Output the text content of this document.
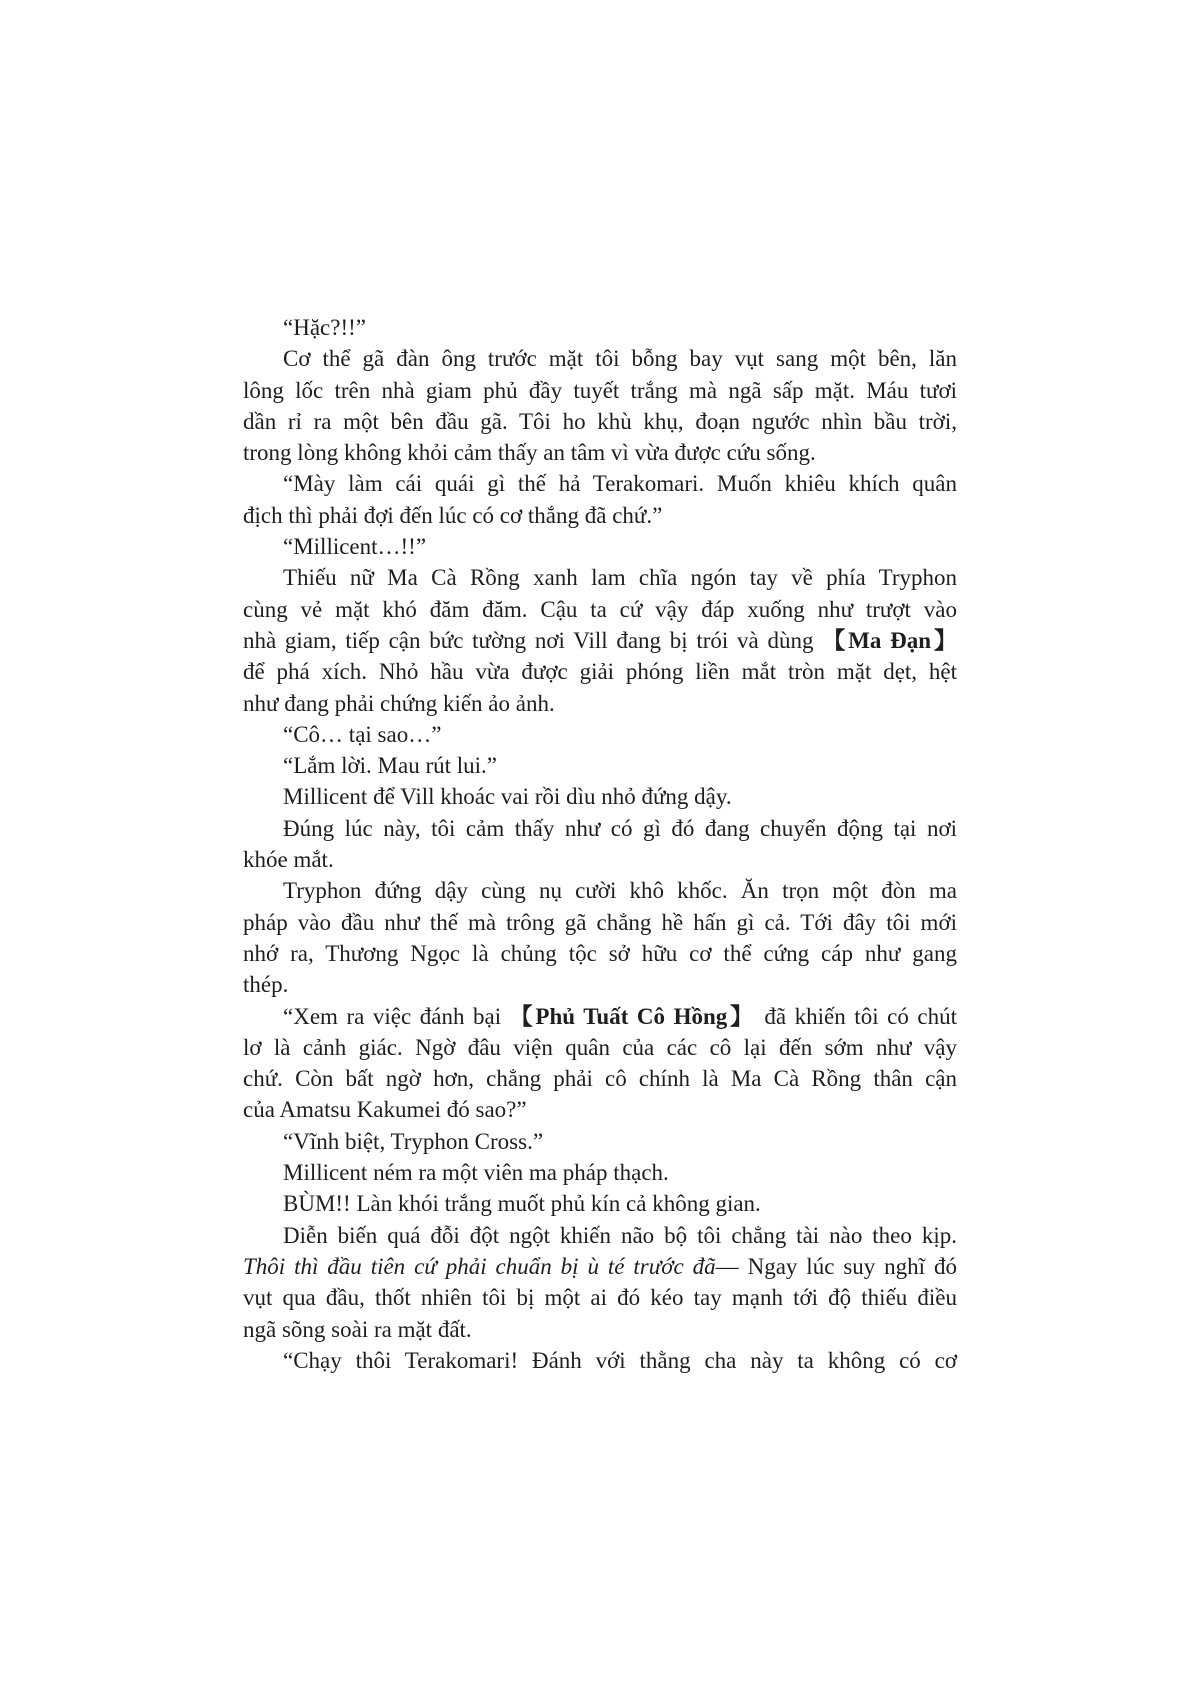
“Hặc?!!”
Cơ thể gã đàn ông trước mặt tôi bỗng bay vụt sang một bên, lăn
lông lốc trên nhà giam phủ đầy tuyết trắng mà ngã sấp mặt. Máu tươi
dần rỉ ra một bên đầu gã. Tôi ho khù khụ, đoạn ngước nhìn bầu trời,
trong lòng không khỏi cảm thấy an tâm vì vừa được cứu sống.
“Mày làm cái quái gì thế hả Terakomari. Muốn khiêu khích quân
địch thì phải đợi đến lúc có cơ thắng đã chứ.”
“Millicent…!!”
Thiếu nữ Ma Cà Rồng xanh lam chĩa ngón tay về phía Tryphon
cùng vẻ mặt khó đăm đăm. Cậu ta cứ vậy đáp xuống như trượt vào
nhà giam, tiếp cận bức tường nơi Vill đang bị trói và dùng 【Ma Đạn】
để phá xích. Nhỏ hầu vừa được giải phóng liền mắt tròn mặt dẹt, hệt
như đang phải chứng kiến ảo ảnh.
“Cô… tại sao…”
“Lắm lời. Mau rút lui.”
Millicent để Vill khoác vai rồi dìu nhỏ đứng dậy.
Đúng lúc này, tôi cảm thấy như có gì đó đang chuyển động tại nơi
khóe mắt.
Tryphon đứng dậy cùng nụ cười khô khốc. Ăn trọn một đòn ma
pháp vào đầu như thế mà trông gã chẳng hề hấn gì cả. Tới đây tôi mới
nhớ ra, Thương Ngọc là chủng tộc sở hữu cơ thể cứng cáp như gang
thép.
“Xem ra việc đánh bại 【Phủ Tuất Cô Hồng】 đã khiến tôi có chút
lơ là cảnh giác. Ngờ đâu viện quân của các cô lại đến sớm như vậy
chứ. Còn bất ngờ hơn, chẳng phải cô chính là Ma Cà Rồng thân cận
của Amatsu Kakumei đó sao?”
“Vĩnh biệt, Tryphon Cross.”
Millicent ném ra một viên ma pháp thạch.
BÙM!! Làn khói trắng muốt phủ kín cả không gian.
Diễn biến quá đỗi đột ngột khiến não bộ tôi chẳng tài nào theo kịp.
Thôi thì đầu tiên cứ phải chuẩn bị ù té trước đã— Ngay lúc suy nghĩ đó
vụt qua đầu, thốt nhiên tôi bị một ai đó kéo tay mạnh tới độ thiếu điều
ngã sõng soài ra mặt đất.
“Chạy thôi Terakomari! Đánh với thằng cha này ta không có cơ
